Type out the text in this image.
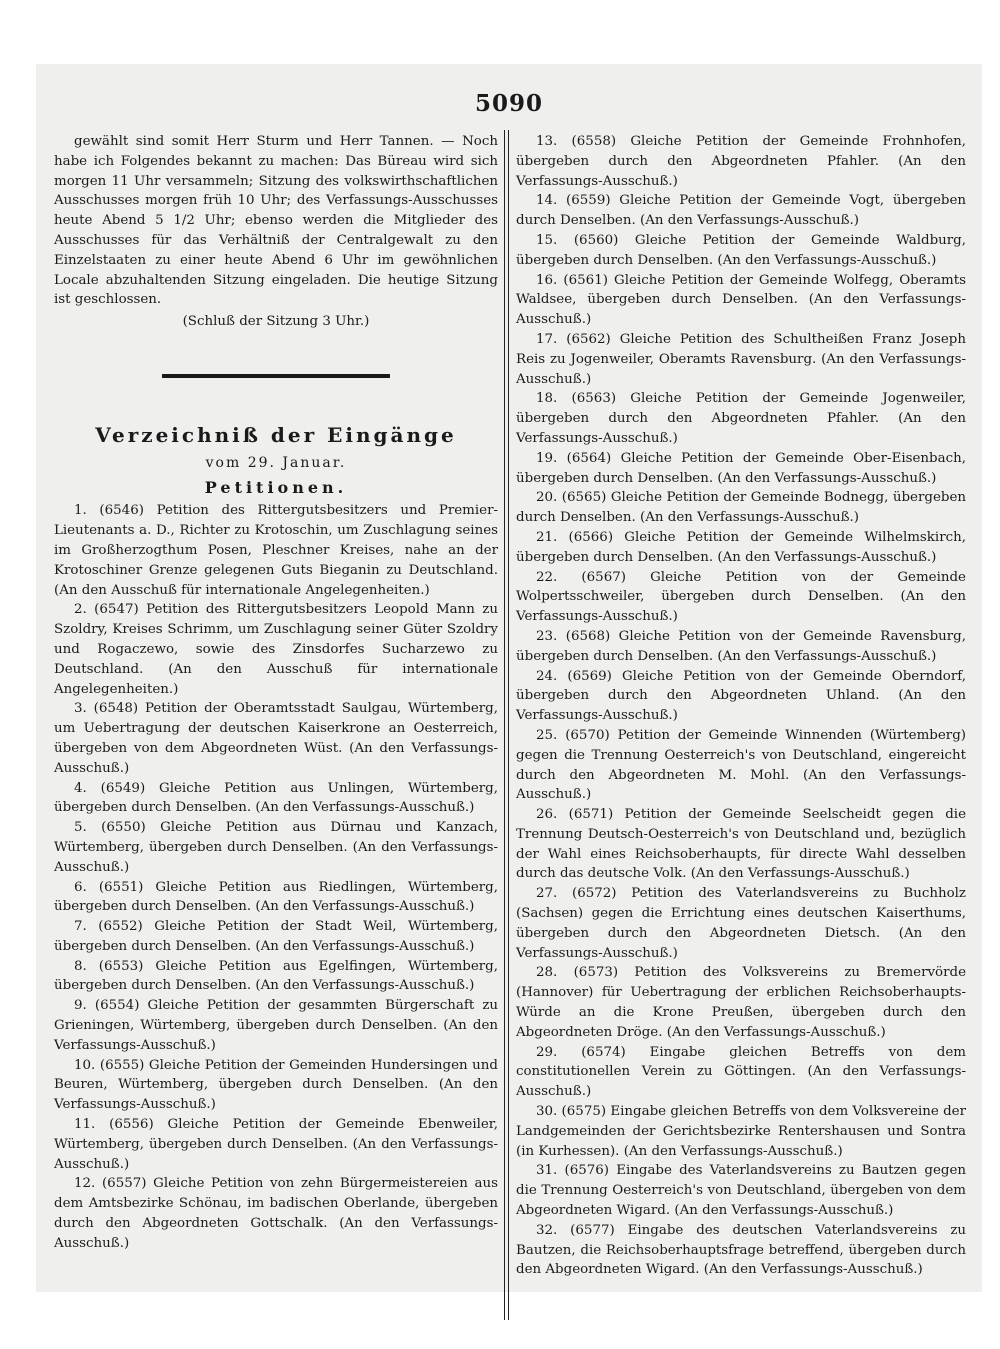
5090

gewählt sind somit Herr Sturm und Herr Tannen. — Noch habe ich Folgendes bekannt zu machen: Das Büreau wird sich morgen 11 Uhr versammeln; Sitzung des volkswirthschaftlichen Ausschusses morgen früh 10 Uhr; des Verfassungs-Ausschusses heute Abend 5 1/2 Uhr; ebenso werden die Mitglieder des Ausschusses für das Verhältniß der Centralgewalt zu den Einzelstaaten zu einer heute Abend 6 Uhr im gewöhnlichen Locale abzuhaltenden Sitzung eingeladen. Die heutige Sitzung ist geschlossen.

(Schluß der Sitzung 3 Uhr.)

Verzeichniß der Eingänge
vom 29. Januar.
Petitionen.

1. (6546) Petition des Rittergutsbesitzers und Premier-Lieutenants a. D., Richter zu Krotoschin, um Zuschlagung seines im Großherzogthum Posen, Pleschner Kreises, nahe an der Krotoschiner Grenze gelegenen Guts Bieganin zu Deutschland. (An den Ausschuß für internationale Angelegenheiten.)

2. (6547) Petition des Rittergutsbesitzers Leopold Mann zu Szoldry, Kreises Schrimm, um Zuschlagung seiner Güter Szoldry und Rogaczewo, sowie des Zinsdorfes Sucharzewo zu Deutschland. (An den Ausschuß für internationale Angelegenheiten.)

3. (6548) Petition der Oberamtsstadt Saulgau, Würtemberg, um Uebertragung der deutschen Kaiserkrone an Oesterreich, übergeben von dem Abgeordneten Wüst. (An den Verfassungs-Ausschuß.)

4. (6549) Gleiche Petition aus Unlingen, Würtemberg, übergeben durch Denselben. (An den Verfassungs-Ausschuß.)

5. (6550) Gleiche Petition aus Dürnau und Kanzach, Würtemberg, übergeben durch Denselben. (An den Verfassungs-Ausschuß.)

6. (6551) Gleiche Petition aus Riedlingen, Würtemberg, übergeben durch Denselben. (An den Verfassungs-Ausschuß.)

7. (6552) Gleiche Petition der Stadt Weil, Würtemberg, übergeben durch Denselben. (An den Verfassungs-Ausschuß.)

8. (6553) Gleiche Petition aus Egelfingen, Würtemberg, übergeben durch Denselben. (An den Verfassungs-Ausschuß.)

9. (6554) Gleiche Petition der gesammten Bürgerschaft zu Grieningen, Würtemberg, übergeben durch Denselben. (An den Verfassungs-Ausschuß.)

10. (6555) Gleiche Petition der Gemeinden Hundersingen und Beuren, Würtemberg, übergeben durch Denselben. (An den Verfassungs-Ausschuß.)

11. (6556) Gleiche Petition der Gemeinde Ebenweiler, Würtemberg, übergeben durch Denselben. (An den Verfassungs-Ausschuß.)

12. (6557) Gleiche Petition von zehn Bürgermeistereien aus dem Amtsbezirke Schönau, im badischen Oberlande, übergeben durch den Abgeordneten Gottschalk. (An den Verfassungs-Ausschuß.)

13. (6558) Gleiche Petition der Gemeinde Frohnhofen, übergeben durch den Abgeordneten Pfahler. (An den Verfassungs-Ausschuß.)

14. (6559) Gleiche Petition der Gemeinde Vogt, übergeben durch Denselben. (An den Verfassungs-Ausschuß.)

15. (6560) Gleiche Petition der Gemeinde Waldburg, übergeben durch Denselben. (An den Verfassungs-Ausschuß.)

16. (6561) Gleiche Petition der Gemeinde Wolfegg, Oberamts Waldsee, übergeben durch Denselben. (An den Verfassungs-Ausschuß.)

17. (6562) Gleiche Petition des Schultheißen Franz Joseph Reis zu Jogenweiler, Oberamts Ravensburg. (An den Verfassungs-Ausschuß.)

18. (6563) Gleiche Petition der Gemeinde Jogenweiler, übergeben durch den Abgeordneten Pfahler. (An den Verfassungs-Ausschuß.)

19. (6564) Gleiche Petition der Gemeinde Ober-Eisenbach, übergeben durch Denselben. (An den Verfassungs-Ausschuß.)

20. (6565) Gleiche Petition der Gemeinde Bodnegg, übergeben durch Denselben. (An den Verfassungs-Ausschuß.)

21. (6566) Gleiche Petition der Gemeinde Wilhelmskirch, übergeben durch Denselben. (An den Verfassungs-Ausschuß.)

22. (6567) Gleiche Petition von der Gemeinde Wolpertsschweiler, übergeben durch Denselben. (An den Verfassungs-Ausschuß.)

23. (6568) Gleiche Petition von der Gemeinde Ravensburg, übergeben durch Denselben. (An den Verfassungs-Ausschuß.)

24. (6569) Gleiche Petition von der Gemeinde Oberndorf, übergeben durch den Abgeordneten Uhland. (An den Verfassungs-Ausschuß.)

25. (6570) Petition der Gemeinde Winnenden (Würtemberg) gegen die Trennung Oesterreich's von Deutschland, eingereicht durch den Abgeordneten M. Mohl. (An den Verfassungs-Ausschuß.)

26. (6571) Petition der Gemeinde Seelscheidt gegen die Trennung Deutsch-Oesterreich's von Deutschland und, bezüglich der Wahl eines Reichsoberhaupts, für directe Wahl desselben durch das deutsche Volk. (An den Verfassungs-Ausschuß.)

27. (6572) Petition des Vaterlandsvereins zu Buchholz (Sachsen) gegen die Errichtung eines deutschen Kaiserthums, übergeben durch den Abgeordneten Dietsch. (An den Verfassungs-Ausschuß.)

28. (6573) Petition des Volksvereins zu Bremervörde (Hannover) für Uebertragung der erblichen Reichsoberhaupts-Würde an die Krone Preußen, übergeben durch den Abgeordneten Dröge. (An den Verfassungs-Ausschuß.)

29. (6574) Eingabe gleichen Betreffs von dem constitutionellen Verein zu Göttingen. (An den Verfassungs-Ausschuß.)

30. (6575) Eingabe gleichen Betreffs von dem Volksvereine der Landgemeinden der Gerichtsbezirke Rentershausen und Sontra (in Kurhessen). (An den Verfassungs-Ausschuß.)

31. (6576) Eingabe des Vaterlandsvereins zu Bautzen gegen die Trennung Oesterreich's von Deutschland, übergeben von dem Abgeordneten Wigard. (An den Verfassungs-Ausschuß.)

32. (6577) Eingabe des deutschen Vaterlandsvereins zu Bautzen, die Reichsoberhauptsfrage betreffend, übergeben durch den Abgeordneten Wigard. (An den Verfassungs-Ausschuß.)
